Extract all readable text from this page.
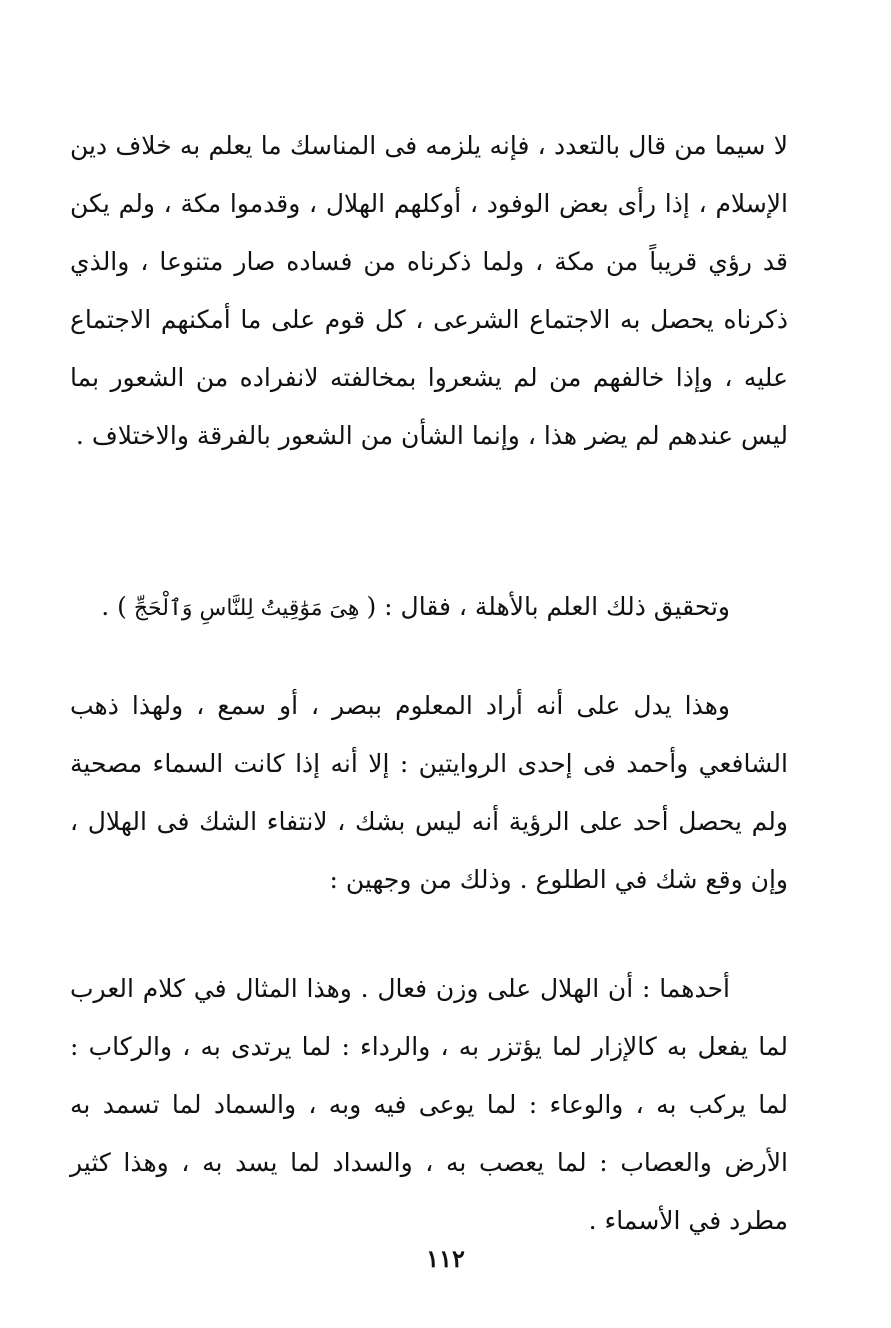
لا سيما من قال بالتعدد ، فإنه يلزمه فى المناسك ما يعلم به خلاف دين الإسلام ، إذا رأى بعض الوفود ، أوكلهم الهلال ، وقدموا مكة ، ولم يكن قد رؤي قريباً من مكة ، ولما ذكرناه من فساده صار متنوعا ، والذي ذكرناه يحصل به الاجتماع الشرعى ، كل قوم على ما أمكنهم الاجتماع عليه ، وإذا خالفهم من لم يشعروا بمخالفته لانفراده من الشعور بما ليس عندهم لم يضر هذا ، وإنما الشأن من الشعور بالفرقة والاختلاف .

وتحقيق ذلك العلم بالأهلة ، فقال : ( هِىَ مَوَٰقِيتُ لِلنَّاسِ وَٱلْحَجِّ ) .

وهذا يدل على أنه أراد المعلوم ببصر ، أو سمع ، ولهذا ذهب الشافعي وأحمد فى إحدى الروايتين : إلا أنه إذا كانت السماء مصحية ولم يحصل أحد على الرؤية أنه ليس بشك ، لانتفاء الشك فى الهلال ، وإن وقع شك في الطلوع . وذلك من وجهين :

أحدهما : أن الهلال على وزن فعال . وهذا المثال في كلام العرب لما يفعل به كالإزار لما يؤتزر به ، والرداء : لما يرتدى به ، والركاب : لما يركب به ، والوعاء : لما يوعى فيه وبه ، والسماد لما تسمد به الأرض والعصاب : لما يعصب به ، والسداد لما يسد به ، وهذا كثير مطرد في الأسماء .

١١٢
